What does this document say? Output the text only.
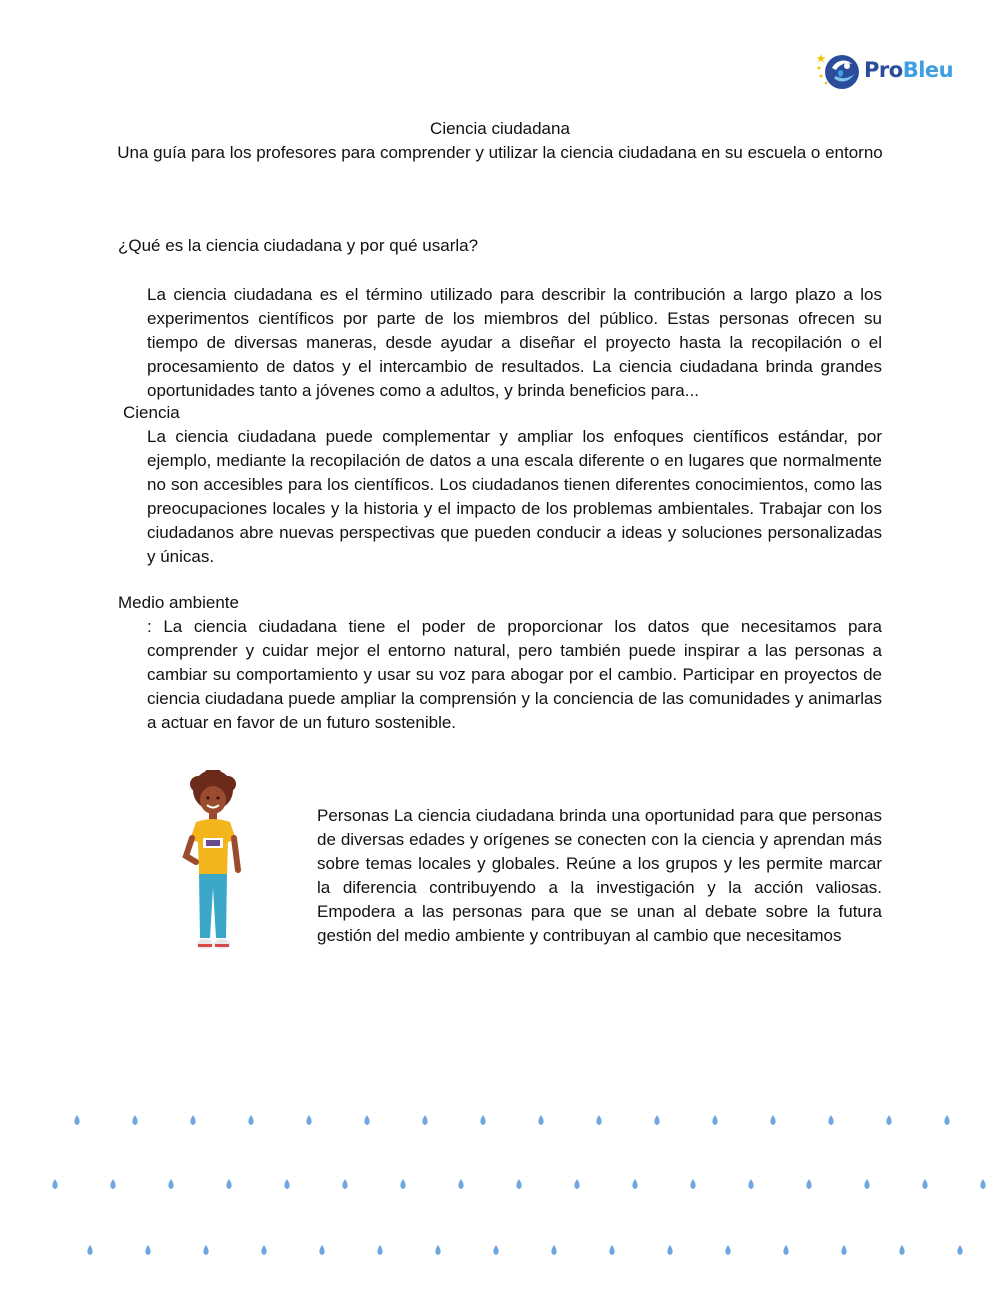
ProBleu
Ciencia ciudadana
Una guía para los profesores para comprender y utilizar la ciencia ciudadana en su escuela o entorno
¿Qué es la ciencia ciudadana y por qué usarla?
La ciencia ciudadana es el término utilizado para describir la contribución a largo plazo a los experimentos científicos por parte de los miembros del público. Estas personas ofrecen su tiempo de diversas maneras, desde ayudar a diseñar el proyecto hasta la recopilación o el procesamiento de datos y el intercambio de resultados. La ciencia ciudadana brinda grandes oportunidades tanto a jóvenes como a adultos, y brinda beneficios para...
Ciencia
La ciencia ciudadana puede complementar y ampliar los enfoques científicos estándar, por ejemplo, mediante la recopilación de datos a una escala diferente o en lugares que normalmente no son accesibles para los científicos. Los ciudadanos tienen diferentes conocimientos, como las preocupaciones locales y la historia y el impacto de los problemas ambientales. Trabajar con los ciudadanos abre nuevas perspectivas que pueden conducir a ideas y soluciones personalizadas y únicas.
Medio ambiente
: La ciencia ciudadana tiene el poder de proporcionar los datos que necesitamos para comprender y cuidar mejor el entorno natural, pero también puede inspirar a las personas a cambiar su comportamiento y usar su voz para abogar por el cambio. Participar en proyectos de ciencia ciudadana puede ampliar la comprensión y la conciencia de las comunidades y animarlas a actuar en favor de un futuro sostenible.
Personas La ciencia ciudadana brinda una oportunidad para que personas de diversas edades y orígenes se conecten con la ciencia y aprendan más sobre temas locales y globales. Reúne a los grupos y les permite marcar la diferencia contribuyendo a la investigación y la acción valiosas. Empodera a las personas para que se unan al debate sobre la futura gestión del medio ambiente y contribuyan al cambio que necesitamos
